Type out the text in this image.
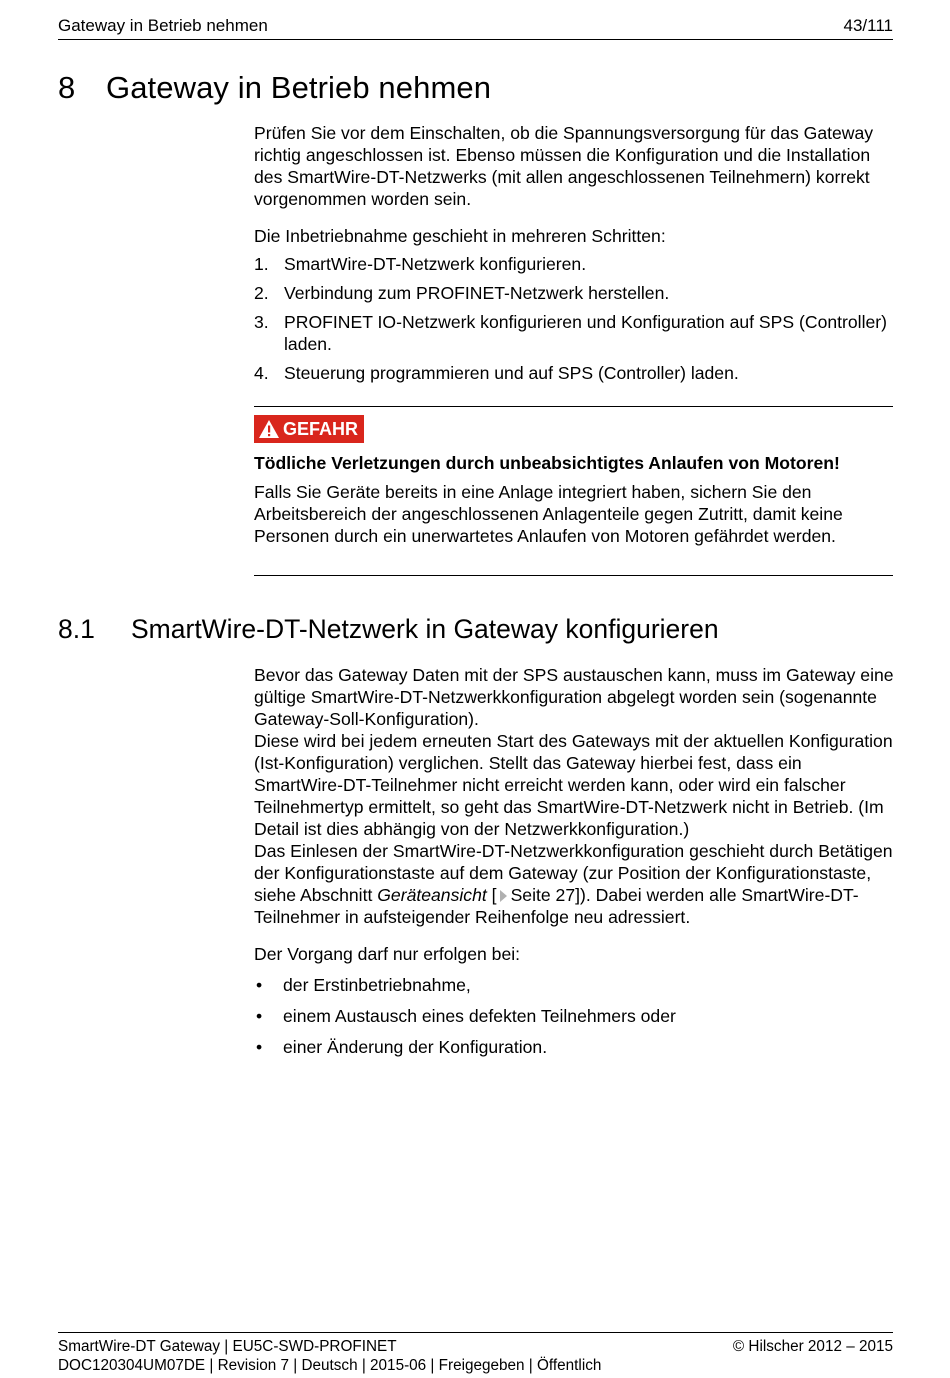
Gateway in Betrieb nehmen	43/111
8 Gateway in Betrieb nehmen

Prüfen Sie vor dem Einschalten, ob die Spannungsversorgung für das Gateway richtig angeschlossen ist. Ebenso müssen die Konfiguration und die Installation des SmartWire-DT-Netzwerks (mit allen angeschlossenen Teilnehmern) korrekt vorgenommen worden sein.

Die Inbetriebnahme geschieht in mehreren Schritten:

1. SmartWire-DT-Netzwerk konfigurieren.
2. Verbindung zum PROFINET-Netzwerk herstellen.
3. PROFINET IO-Netzwerk konfigurieren und Konfiguration auf SPS (Controller) laden.
4. Steuerung programmieren und auf SPS (Controller) laden.
GEFAHR
Tödliche Verletzungen durch unbeabsichtigtes Anlaufen von Motoren!
Falls Sie Geräte bereits in eine Anlage integriert haben, sichern Sie den Arbeitsbereich der angeschlossenen Anlagenteile gegen Zutritt, damit keine Personen durch ein unerwartetes Anlaufen von Motoren gefährdet werden.
8.1 SmartWire-DT-Netzwerk in Gateway konfigurieren

Bevor das Gateway Daten mit der SPS austauschen kann, muss im Gateway eine gültige SmartWire-DT-Netzwerkkonfiguration abgelegt worden sein (sogenannte Gateway-Soll-Konfiguration).

Diese wird bei jedem erneuten Start des Gateways mit der aktuellen Konfiguration (Ist-Konfiguration) verglichen. Stellt das Gateway hierbei fest, dass ein SmartWire-DT-Teilnehmer nicht erreicht werden kann, oder wird ein falscher Teilnehmertyp ermittelt, so geht das SmartWire-DT-Netzwerk nicht in Betrieb. (Im Detail ist dies abhängig von der Netzwerkkonfiguration.)

Das Einlesen der SmartWire-DT-Netzwerkkonfiguration geschieht durch Betätigen der Konfigurationstaste auf dem Gateway (zur Position der Konfigurationstaste, siehe Abschnitt Geräteansicht [ Seite 27]). Dabei werden alle SmartWire-DT-Teilnehmer in aufsteigender Reihenfolge neu adressiert.

Der Vorgang darf nur erfolgen bei:

• der Erstinbetriebnahme,
• einem Austausch eines defekten Teilnehmers oder
• einer Änderung der Konfiguration.
SmartWire-DT Gateway | EU5C-SWD-PROFINET
DOC120304UM07DE | Revision 7 | Deutsch | 2015-06 | Freigegeben | Öffentlich
© Hilscher 2012 – 2015
